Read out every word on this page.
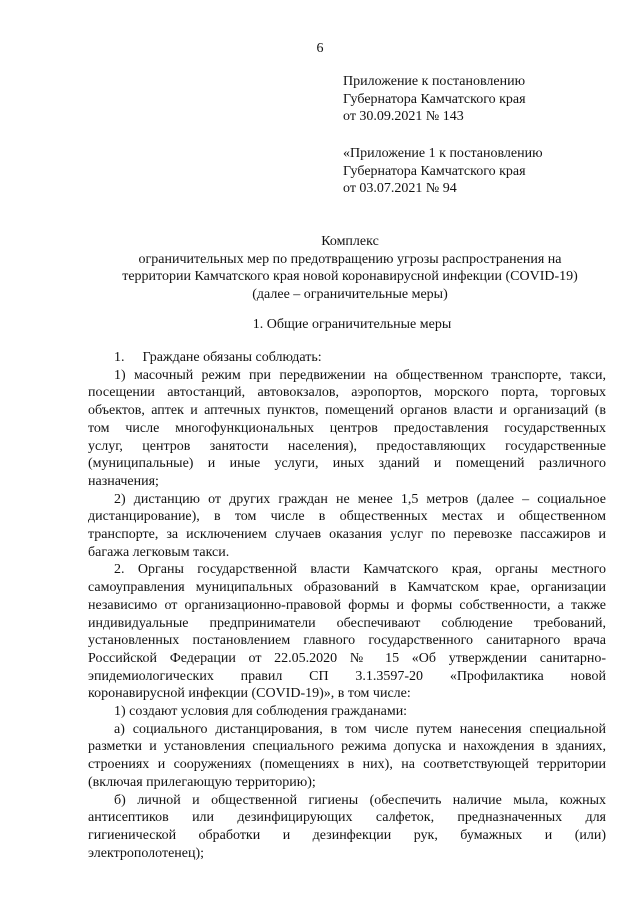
6
Приложение к постановлению
Губернатора Камчатского края
от 30.09.2021 № 143
«Приложение 1 к постановлению
Губернатора Камчатского края
от 03.07.2021 № 94
Комплекс
ограничительных мер по предотвращению угрозы распространения на
территории Камчатского края новой коронавирусной инфекции (COVID-19)
(далее – ограничительные меры)
1. Общие ограничительные меры

1. Граждане обязаны соблюдать:

1) масочный режим при передвижении на общественном транспорте, такси,

посещении автостанций, автовокзалов, аэропортов, морского порта, торговых

объектов, аптек и аптечных пунктов, помещений органов власти и организаций (в

том числе многофункциональных центров предоставления государственных

услуг, центров занятости населения), предоставляющих государственные

(муниципальные) и иные услуги, иных зданий и помещений различного

назначения;

2) дистанцию от других граждан не менее 1,5 метров (далее – социальное

дистанцирование), в том числе в общественных местах и общественном

транспорте, за исключением случаев оказания услуг по перевозке пассажиров и

багажа легковым такси.

2. Органы государственной власти Камчатского края, органы местного

самоуправления муниципальных образований в Камчатском крае, организации

независимо от организационно-правовой формы и формы собственности, а также

индивидуальные предприниматели обеспечивают соблюдение требований,

установленных постановлением главного государственного санитарного врача

Российской Федерации от 22.05.2020 № 15 «Об утверждении санитарно-

эпидемиологических правил СП 3.1.3597-20 «Профилактика новой

коронавирусной инфекции (COVID-19)», в том числе:

1) создают условия для соблюдения гражданами:

а) социального дистанцирования, в том числе путем нанесения специальной

разметки и установления специального режима допуска и нахождения в зданиях,

строениях и сооружениях (помещениях в них), на соответствующей территории

(включая прилегающую территорию);

б) личной и общественной гигиены (обеспечить наличие мыла, кожных

антисептиков или дезинфицирующих салфеток, предназначенных для

гигиенической обработки и дезинфекции рук, бумажных и (или)

электрополотенец);
